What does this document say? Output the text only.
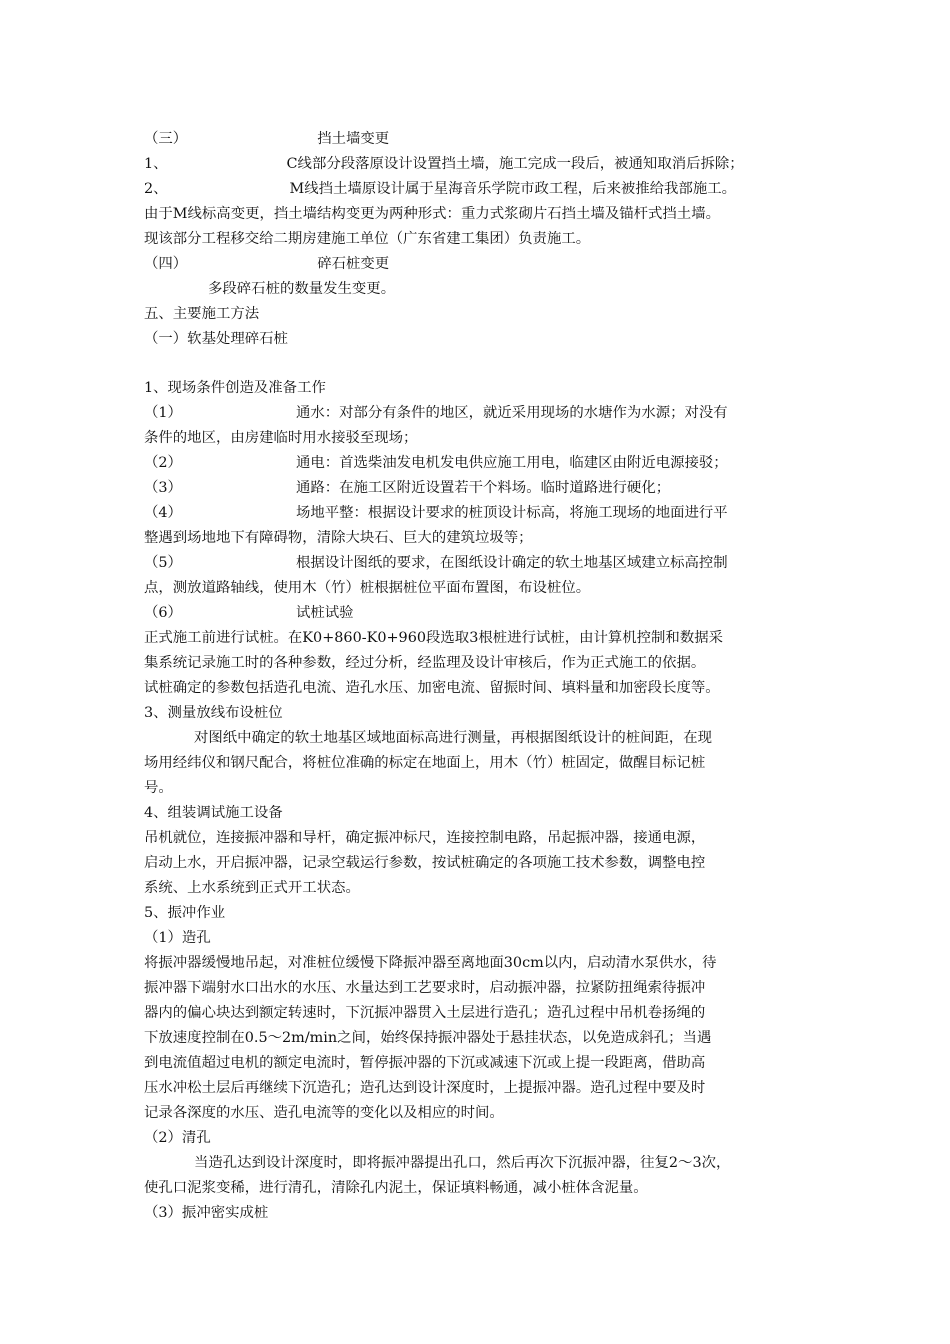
（三）	挡土墙变更
1、	C线部分段落原设计设置挡土墙，施工完成一段后，被通知取消后拆除；
2、	M线挡土墙原设计属于星海音乐学院市政工程，后来被推给我部施工。
由于M线标高变更，挡土墙结构变更为两种形式：重力式浆砌片石挡土墙及锚杆式挡土墙。
现该部分工程移交给二期房建施工单位（广东省建工集团）负责施工。
（四）	碎石桩变更
多段碎石桩的数量发生变更。
五、主要施工方法
（一）软基处理碎石桩
1、现场条件创造及准备工作
（1）	通水：对部分有条件的地区，就近采用现场的水塘作为水源；对没有
条件的地区，由房建临时用水接驳至现场；
（2）	通电：首选柴油发电机发电供应施工用电，临建区由附近电源接驳；
（3）	通路：在施工区附近设置若干个料场。临时道路进行硬化；
（4）	场地平整：根据设计要求的桩顶设计标高，将施工现场的地面进行平
整遇到场地地下有障碍物，清除大块石、巨大的建筑垃圾等；
（5）	根据设计图纸的要求，在图纸设计确定的软土地基区域建立标高控制
点，测放道路轴线，使用木（竹）桩根据桩位平面布置图，布设桩位。
（6）	试桩试验
正式施工前进行试桩。在K0+860-K0+960段选取3根桩进行试桩，由计算机控制和数据采
集系统记录施工时的各种参数，经过分析，经监理及设计审核后，作为正式施工的依据。
试桩确定的参数包括造孔电流、造孔水压、加密电流、留振时间、填料量和加密段长度等。
3、测量放线布设桩位
对图纸中确定的软土地基区域地面标高进行测量，再根据图纸设计的桩间距，在现
场用经纬仪和钢尺配合，将桩位准确的标定在地面上，用木（竹）桩固定，做醒目标记桩
号。
4、组装调试施工设备
吊机就位，连接振冲器和导杆，确定振冲标尺，连接控制电路，吊起振冲器，接通电源，
启动上水，开启振冲器，记录空载运行参数，按试桩确定的各项施工技术参数，调整电控
系统、上水系统到正式开工状态。
5、振冲作业
（1）造孔
将振冲器缓慢地吊起，对准桩位缓慢下降振冲器至离地面30cm以内，启动清水泵供水，待
振冲器下端射水口出水的水压、水量达到工艺要求时，启动振冲器，拉紧防扭绳索待振冲
器内的偏心块达到额定转速时，下沉振冲器贯入土层进行造孔；造孔过程中吊机卷扬绳的
下放速度控制在0.5～2m/min之间，始终保持振冲器处于悬挂状态，以免造成斜孔；当遇
到电流值超过电机的额定电流时，暂停振冲器的下沉或减速下沉或上提一段距离，借助高
压水冲松土层后再继续下沉造孔；造孔达到设计深度时，上提振冲器。造孔过程中要及时
记录各深度的水压、造孔电流等的变化以及相应的时间。
（2）清孔
当造孔达到设计深度时，即将振冲器提出孔口，然后再次下沉振冲器，往复2～3次，
使孔口泥浆变稀，进行清孔，清除孔内泥土，保证填料畅通，减小桩体含泥量。
（3）振冲密实成桩
